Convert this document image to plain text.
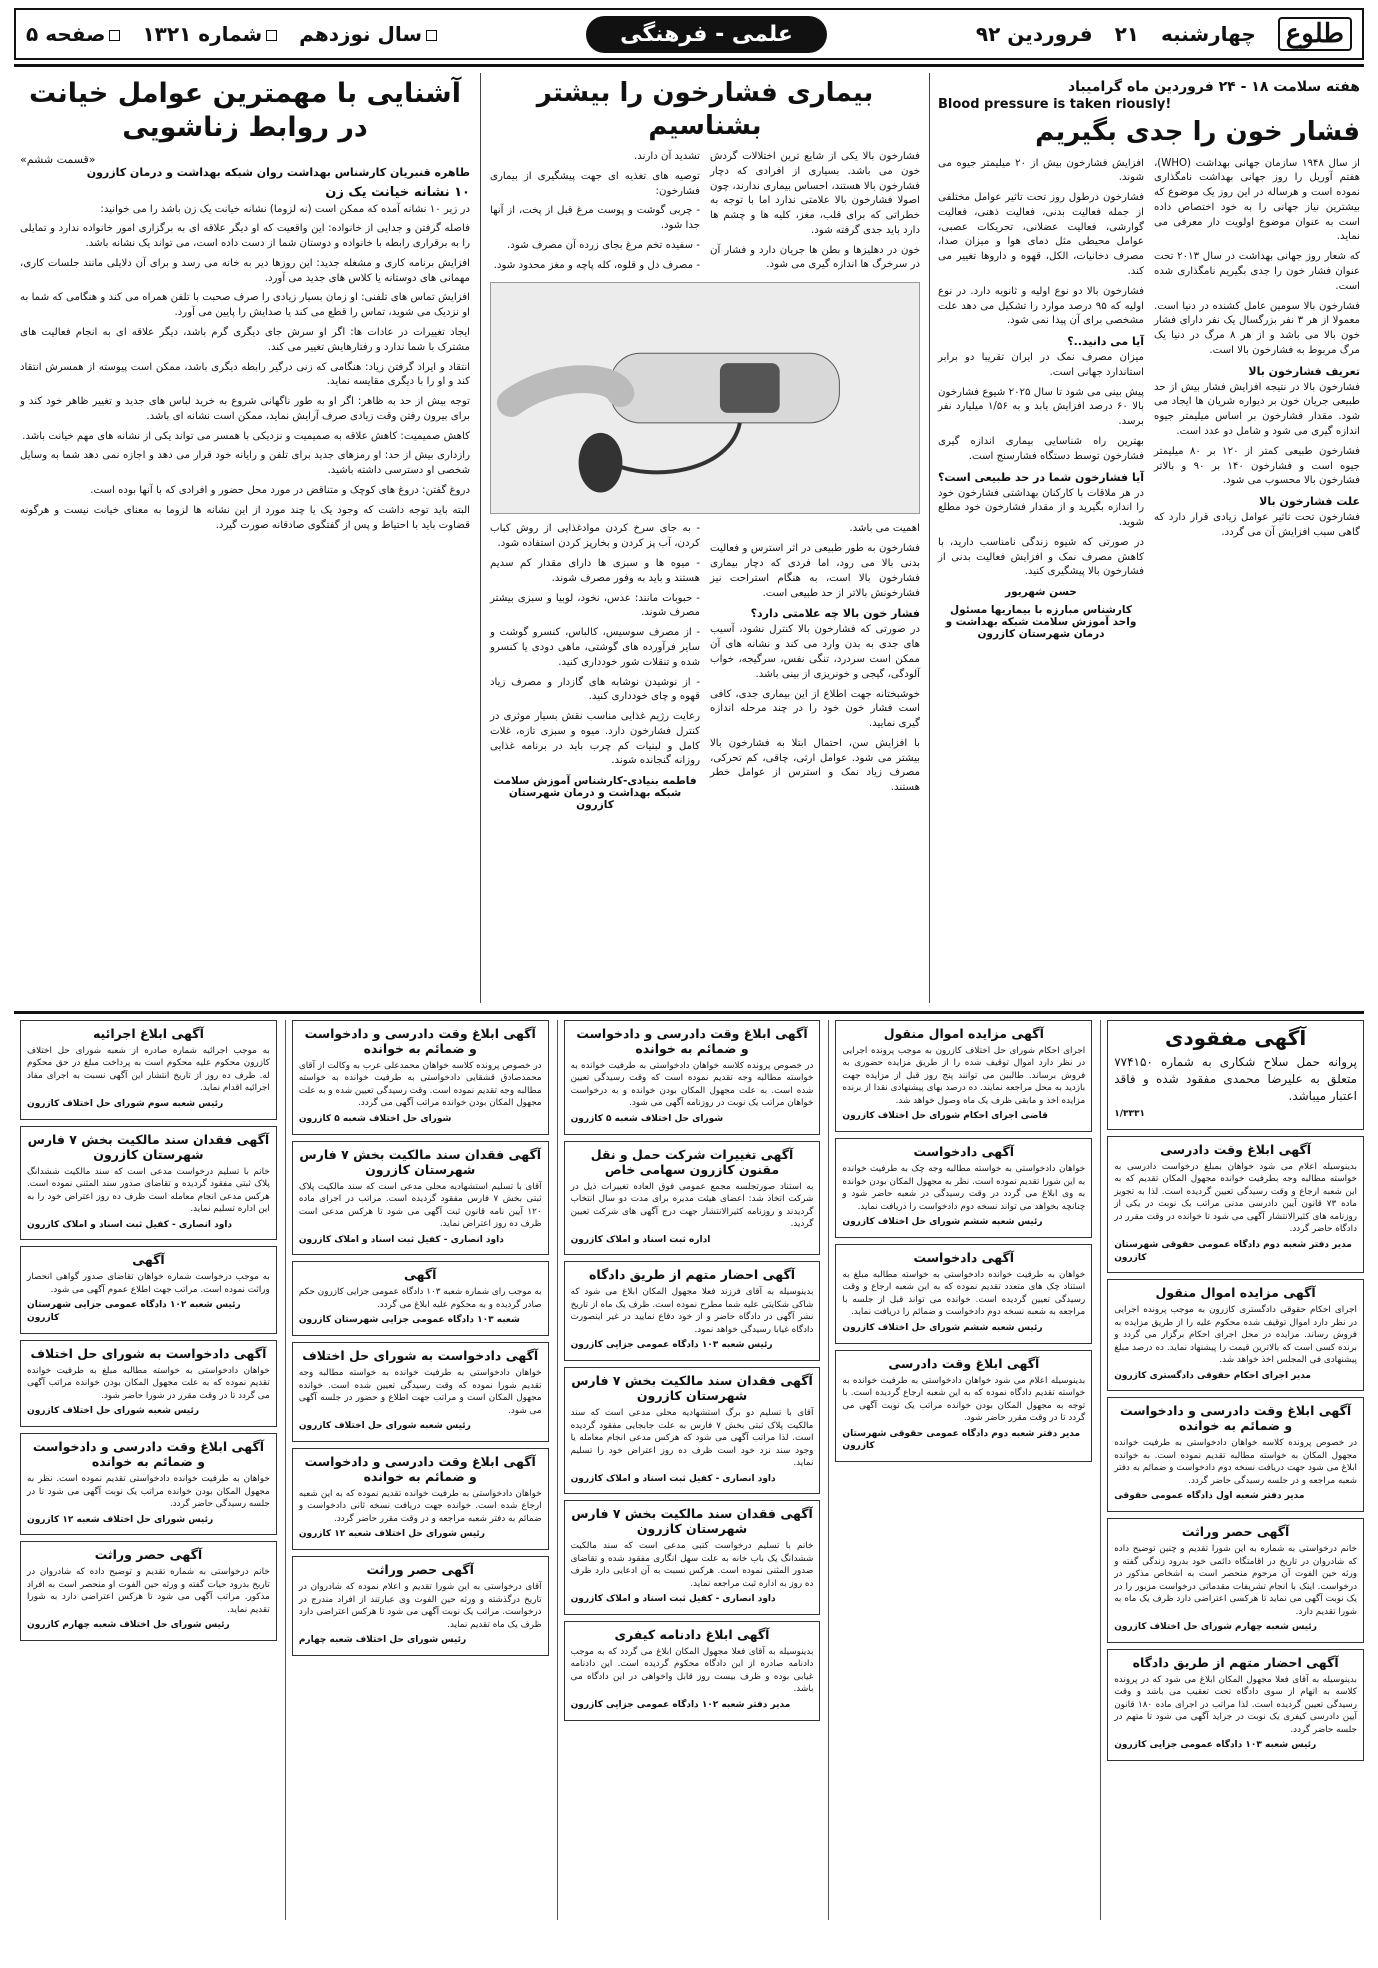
طلوع
چهارشنبه
۲۱
فروردین ۹۲
علمی - فرهنگی
سال نوزدهم
شماره ۱۳۲۱
صفحه ۵
هفته سلامت ۱۸ - ۲۴ فروردین ماه گرامیباد
Blood pressure is taken riously!
فشار خون را جدی بگیریم

از سال ۱۹۴۸ سازمان جهانی بهداشت (WHO)، هفتم آوریل را روز جهانی بهداشت نامگذاری نموده است و هرساله در این روز یک موضوع که بیشترین نیاز جهانی را به خود اختصاص داده است به عنوان موضوع اولویت دار معرفی می نماید.

که شعار روز جهانی بهداشت در سال ۲۰۱۳ تحت عنوان فشار خون را جدی بگیریم نامگذاری شده است.

فشارخون بالا سومین عامل کشنده در دنیا است. معمولا از هر ۳ نفر بزرگسال یک نفر دارای فشار خون بالا می باشد و از هر ۸ مرگ در دنیا یک مرگ مربوط به فشارخون بالا است.

تعریف فشارخون بالا

فشارخون بالا در نتیجه افزایش فشار بیش از حد طبیعی جریان خون بر دیواره شریان ها ایجاد می شود. مقدار فشارخون بر اساس میلیمتر جیوه اندازه گیری می شود و شامل دو عدد است.

فشارخون طبیعی کمتر از ۱۲۰ بر ۸۰ میلیمتر جیوه است و فشارخون ۱۴۰ بر ۹۰ و بالاتر فشارخون بالا محسوب می شود.

علت فشارخون بالا

فشارخون تحت تاثیر عوامل زیادی قرار دارد که گاهی سبب افزایش آن می گردد.

افزایش فشارخون بیش از ۲۰ میلیمتر جیوه می شوند.

فشارخون درطول روز تحت تاثیر عوامل مختلفی از جمله فعالیت بدنی، فعالیت ذهنی، فعالیت گوارشی، فعالیت عضلانی، تحریکات عصبی، عوامل محیطی مثل دمای هوا و میزان صدا، مصرف دخانیات، الکل، قهوه و داروها تغییر می کند.

فشارخون بالا دو نوع اولیه و ثانویه دارد. در نوع اولیه که ۹۵ درصد موارد را تشکیل می دهد علت مشخصی برای آن پیدا نمی شود.

آیا می دانید..؟

میزان مصرف نمک در ایران تقریبا دو برابر استاندارد جهانی است.

پیش بینی می شود تا سال ۲۰۲۵ شیوع فشارخون بالا ۶۰ درصد افزایش یابد و به ۱/۵۶ میلیارد نفر برسد.

بهترین راه شناسایی بیماری اندازه گیری فشارخون توسط دستگاه فشارسنج است.

آیا فشارخون شما در حد طبیعی است؟

در هر ملاقات با کارکنان بهداشتی فشارخون خود را اندازه بگیرید و از مقدار فشارخون خود مطلع شوید.

در صورتی که شیوه زندگی نامناسب دارید، با کاهش مصرف نمک و افزایش فعالیت بدنی از فشارخون بالا پیشگیری کنید.

حسن شهریور
کارشناس مبارزه با بیماریها مسئول واحد آموزش سلامت شبکه بهداشت و درمان شهرستان کازرون
بیماری فشارخون را بیشتر بشناسیم

فشارخون بالا یکی از شایع ترین اختلالات گردش خون می باشد. بسیاری از افرادی که دچار فشارخون بالا هستند، احساس بیماری ندارند، چون اصولا فشارخون بالا علامتی ندارد اما با توجه به خطراتی که برای قلب، مغز، کلیه ها و چشم ها دارد باید جدی گرفته شود.

خون در دهلیزها و بطن ها جریان دارد و فشار آن در سرخرگ ها اندازه گیری می شود.

تشدید آن دارند.

توصیه های تغذیه ای جهت پیشگیری از بیماری فشارخون:

- چربی گوشت و پوست مرغ قبل از پخت، از آنها جدا شود.

- سفیده تخم مرغ بجای زرده آن مصرف شود.

- مصرف دل و قلوه، کله پاچه و مغز محدود شود.

اهمیت می باشد.

فشارخون به طور طبیعی در اثر استرس و فعالیت بدنی بالا می رود، اما فردی که دچار بیماری فشارخون بالا است، به هنگام استراحت نیز فشارخونش بالاتر از حد طبیعی است.

فشار خون بالا چه علامتی دارد؟

در صورتی که فشارخون بالا کنترل نشود، آسیب های جدی به بدن وارد می کند و نشانه های آن ممکن است سردرد، تنگی نفس، سرگیجه، خواب آلودگی، گیجی و خونریزی از بینی باشد.

خوشبختانه جهت اطلاع از این بیماری جدی، کافی است فشار خون خود را در چند مرحله اندازه گیری نمایید.

با افزایش سن، احتمال ابتلا به فشارخون بالا بیشتر می شود. عوامل ارثی، چاقی، کم تحرکی، مصرف زیاد نمک و استرس از عوامل خطر هستند.

- به جای سرخ کردن موادغذایی از روش کباب کردن، آب پز کردن و بخارپز کردن استفاده شود.

- میوه ها و سبزی ها دارای مقدار کم سدیم هستند و باید به وفور مصرف شوند.

- حبوبات مانند: عدس، نخود، لوبیا و سبزی بیشتر مصرف شوند.

- از مصرف سوسیس، کالباس، کنسرو گوشت و سایر فرآورده های گوشتی، ماهی دودی یا کنسرو شده و تنقلات شور خودداری کنید.

- از نوشیدن نوشابه های گازدار و مصرف زیاد قهوه و چای خودداری کنید.

رعایت رژیم غذایی مناسب نقش بسیار موثری در کنترل فشارخون دارد. میوه و سبزی تازه، غلات کامل و لبنیات کم چرب باید در برنامه غذایی روزانه گنجانده شوند.

فاطمه بنیادی-کارشناس آموزش سلامت شبکه بهداشت و درمان شهرستان کازرون
آشنایی با مهمترین عوامل خیانت در روابط زناشویی
«قسمت ششم»
طاهره قنبریان کارشناس بهداشت روان شبکه بهداشت و درمان کازرون
۱۰ نشانه خیانت یک زن

در زیر ۱۰ نشانه آمده که ممکن است (نه لزوما) نشانه خیانت یک زن باشد را می خوانید:

فاصله گرفتن و جدایی از خانواده: این واقعیت که او دیگر علاقه ای به برگزاری امور خانواده ندارد و تمایلی را به برقراری رابطه با خانواده و دوستان شما از دست داده است، می تواند یک نشانه باشد.

افزایش برنامه کاری و مشغله جدید: این روزها دیر به خانه می رسد و برای آن دلایلی مانند جلسات کاری، مهمانی های دوستانه یا کلاس های جدید می آورد.

افزایش تماس های تلفنی: او زمان بسیار زیادی را صرف صحبت با تلفن همراه می کند و هنگامی که شما به او نزدیک می شوید، تماس را قطع می کند یا صدایش را پایین می آورد.

ایجاد تغییرات در عادات ها: اگر او سرش جای دیگری گرم باشد، دیگر علاقه ای به انجام فعالیت های مشترک با شما ندارد و رفتارهایش تغییر می کند.

انتقاد و ایراد گرفتن زیاد: هنگامی که زنی درگیر رابطه دیگری باشد، ممکن است پیوسته از همسرش انتقاد کند و او را با دیگری مقایسه نماید.

توجه بیش از حد به ظاهر: اگر او به طور ناگهانی شروع به خرید لباس های جدید و تغییر ظاهر خود کند و برای بیرون رفتن وقت زیادی صرف آرایش نماید، ممکن است نشانه ای باشد.

کاهش صمیمیت: کاهش علاقه به صمیمیت و نزدیکی با همسر می تواند یکی از نشانه های مهم خیانت باشد.

رازداری بیش از حد: او رمزهای جدید برای تلفن و رایانه خود قرار می دهد و اجازه نمی دهد شما به وسایل شخصی او دسترسی داشته باشید.

دروغ گفتن: دروغ های کوچک و متناقض در مورد محل حضور و افرادی که با آنها بوده است.

البته باید توجه داشت که وجود یک یا چند مورد از این نشانه ها لزوما به معنای خیانت نیست و هرگونه قضاوت باید با احتیاط و پس از گفتگوی صادقانه صورت گیرد.

آگهی مفقودی

پروانه حمل سلاح شکاری به شماره ۷۷۴۱۵۰ متعلق به علیرضا محمدی مفقود شده و فاقد اعتبار میباشد.

۱/۳۳۳۱

آگهی ابلاغ وقت دادرسی

بدینوسیله اعلام می شود خواهان بمبلغ درخواست دادرسی به خواسته مطالبه وجه بطرفیت خوانده مجهول المکان تقدیم که به این شعبه ارجاع و وقت رسیدگی تعیین گردیده است. لذا به تجویز ماده ۷۳ قانون آیین دادرسی مدنی مراتب یک نوبت در یکی از روزنامه های کثیرالانتشار آگهی می شود تا خوانده در وقت مقرر در دادگاه حاضر گردد.

مدیر دفتر شعبه دوم دادگاه عمومی حقوقی شهرستان کازرون

آگهی مزایده اموال منقول

اجرای احکام حقوقی دادگستری کازرون به موجب پرونده اجرایی در نظر دارد اموال توقیف شده محکوم علیه را از طریق مزایده به فروش رساند. مزایده در محل اجرای احکام برگزار می گردد و برنده کسی است که بالاترین قیمت را پیشنهاد نماید. ده درصد مبلغ پیشنهادی فی المجلس اخذ خواهد شد.

مدیر اجرای احکام حقوقی دادگستری کازرون

آگهی ابلاغ وقت دادرسی و دادخواست و ضمائم به خوانده

در خصوص پرونده کلاسه خواهان دادخواستی به طرفیت خوانده مجهول المکان به خواسته مطالبه تقدیم نموده است. به خوانده ابلاغ می شود جهت دریافت نسخه دوم دادخواست و ضمائم به دفتر شعبه مراجعه و در جلسه رسیدگی حاضر گردد.

مدیر دفتر شعبه اول دادگاه عمومی حقوقی

آگهی حصر وراثت

خانم درخواستی به شماره به این شورا تقدیم و چنین توضیح داده که شادروان در تاریخ در اقامتگاه دائمی خود بدرود زندگی گفته و ورثه حین الفوت آن مرحوم منحصر است به اشخاص مذکور در درخواست. اینک با انجام تشریفات مقدماتی درخواست مزبور را در یک نوبت آگهی می نماید تا هرکسی اعتراضی دارد ظرف یک ماه به شورا تقدیم دارد.

رئیس شعبه چهارم شورای حل اختلاف کازرون

آگهی احضار متهم از طریق دادگاه

بدینوسیله به آقای فعلا مجهول المکان ابلاغ می شود که در پرونده کلاسه به اتهام از سوی دادگاه تحت تعقیب می باشد و وقت رسیدگی تعیین گردیده است. لذا مراتب در اجرای ماده ۱۸۰ قانون آیین دادرسی کیفری یک نوبت در جراید آگهی می شود تا متهم در جلسه حاضر گردد.

رئیس شعبه ۱۰۳ دادگاه عمومی جزایی کازرون

آگهی مزایده اموال منقول

اجرای احکام شورای حل اختلاف کازرون به موجب پرونده اجرایی در نظر دارد اموال توقیف شده را از طریق مزایده حضوری به فروش برساند. طالبین می توانند پنج روز قبل از مزایده جهت بازدید به محل مراجعه نمایند. ده درصد بهای پیشنهادی نقدا از برنده مزایده اخذ و مابقی ظرف یک ماه وصول خواهد شد.

قاضی اجرای احکام شورای حل اختلاف کازرون

آگهی دادخواست

خواهان دادخواستی به خواسته مطالبه وجه چک به طرفیت خوانده به این شورا تقدیم نموده است. نظر به مجهول المکان بودن خوانده به وی ابلاغ می گردد در وقت رسیدگی در شعبه حاضر شود و چنانچه بخواهد می تواند نسخه دوم دادخواست را دریافت نماید.

رئیس شعبه ششم شورای حل اختلاف کازرون

آگهی دادخواست

خواهان به طرفیت خوانده دادخواستی به خواسته مطالبه مبلغ به استناد چک های متعدد تقدیم نموده که به این شعبه ارجاع و وقت رسیدگی تعیین گردیده است. خوانده می تواند قبل از جلسه با مراجعه به شعبه نسخه دوم دادخواست و ضمائم را دریافت نماید.

رئیس شعبه ششم شورای حل اختلاف کازرون

آگهی ابلاغ وقت دادرسی

بدینوسیله اعلام می شود خواهان دادخواستی به طرفیت خوانده به خواسته تقدیم دادگاه نموده که به این شعبه ارجاع گردیده است. با توجه به مجهول المکان بودن خوانده مراتب یک نوبت آگهی می گردد تا در وقت مقرر حاضر شود.

مدیر دفتر شعبه دوم دادگاه عمومی حقوقی شهرستان کازرون

آگهی ابلاغ وقت دادرسی و دادخواست و ضمائم به خوانده

در خصوص پرونده کلاسه خواهان دادخواستی به طرفیت خوانده به خواسته مطالبه وجه تقدیم نموده است که وقت رسیدگی تعیین شده است. به علت مجهول المکان بودن خوانده و به درخواست خواهان مراتب یک نوبت در روزنامه آگهی می شود.

شورای حل اختلاف شعبه ۵ کازرون

آگهی تغییرات شرکت حمل و نقل مقنون کازرون سهامی خاص

به استناد صورتجلسه مجمع عمومی فوق العاده تغییرات ذیل در شرکت اتخاذ شد: اعضای هیئت مدیره برای مدت دو سال انتخاب گردیدند و روزنامه کثیرالانتشار جهت درج آگهی های شرکت تعیین گردید.

اداره ثبت اسناد و املاک کازرون

آگهی احضار متهم از طریق دادگاه

بدینوسیله به آقای فرزند فعلا مجهول المکان ابلاغ می شود که شاکی شکایتی علیه شما مطرح نموده است. ظرف یک ماه از تاریخ نشر آگهی در دادگاه حاضر و از خود دفاع نمایید در غیر اینصورت دادگاه غیابا رسیدگی خواهد نمود.

رئیس شعبه ۱۰۳ دادگاه عمومی جزایی کازرون

آگهی فقدان سند مالکیت بخش ۷ فارس شهرستان کازرون

آقای با تسلیم دو برگ استشهادیه محلی مدعی است که سند مالکیت پلاک ثبتی بخش ۷ فارس به علت جابجایی مفقود گردیده است. لذا مراتب آگهی می شود که هرکس مدعی انجام معامله یا وجود سند نزد خود است ظرف ده روز اعتراض خود را تسلیم نماید.

داود انصاری - کفیل ثبت اسناد و املاک کازرون

آگهی فقدان سند مالکیت بخش ۷ فارس شهرستان کازرون

خانم با تسلیم درخواست کتبی مدعی است که سند مالکیت ششدانگ یک باب خانه به علت سهل انگاری مفقود شده و تقاضای صدور المثنی نموده است. هرکس نسبت به آن ادعایی دارد ظرف ده روز به اداره ثبت مراجعه نماید.

داود انصاری - کفیل ثبت اسناد و املاک کازرون

آگهی ابلاغ دادنامه کیفری

بدینوسیله به آقای فعلا مجهول المکان ابلاغ می گردد که به موجب دادنامه صادره از این دادگاه محکوم گردیده است. این دادنامه غیابی بوده و ظرف بیست روز قابل واخواهی در این دادگاه می باشد.

مدیر دفتر شعبه ۱۰۲ دادگاه عمومی جزایی کازرون

آگهی ابلاغ وقت دادرسی و دادخواست و ضمائم به خوانده

در خصوص پرونده کلاسه خواهان محمدعلی عرب به وکالت از آقای محمدصادق قشقایی دادخواستی به طرفیت خوانده به خواسته مطالبه وجه تقدیم نموده است. وقت رسیدگی تعیین شده و به علت مجهول المکان بودن خوانده مراتب آگهی می گردد.

شورای حل اختلاف شعبه ۵ کازرون

آگهی فقدان سند مالکیت بخش ۷ فارس شهرستان کازرون

آقای با تسلیم استشهادیه محلی مدعی است که سند مالکیت پلاک ثبتی بخش ۷ فارس مفقود گردیده است. مراتب در اجرای ماده ۱۲۰ آیین نامه قانون ثبت آگهی می شود تا هرکس مدعی است ظرف ده روز اعتراض نماید.

داود انصاری - کفیل ثبت اسناد و املاک کازرون

آگهی

به موجب رای شماره شعبه ۱۰۳ دادگاه عمومی جزایی کازرون حکم صادر گردیده و به محکوم علیه ابلاغ می گردد.

شعبه ۱۰۳ دادگاه عمومی جزایی شهرستان کازرون

آگهی دادخواست به شورای حل اختلاف

خواهان دادخواستی به طرفیت خوانده به خواسته مطالبه وجه تقدیم شورا نموده که وقت رسیدگی تعیین شده است. خوانده مجهول المکان است و مراتب جهت اطلاع و حضور در جلسه آگهی می شود.

رئیس شعبه شورای حل اختلاف کازرون

آگهی ابلاغ وقت دادرسی و دادخواست و ضمائم به خوانده

خواهان دادخواستی به طرفیت خوانده تقدیم نموده که به این شعبه ارجاع شده است. خوانده جهت دریافت نسخه ثانی دادخواست و ضمائم به دفتر شعبه مراجعه و در وقت مقرر حاضر گردد.

رئیس شورای حل اختلاف شعبه ۱۲ کازرون

آگهی حصر وراثت

آقای درخواستی به این شورا تقدیم و اعلام نموده که شادروان در تاریخ درگذشته و ورثه حین الفوت وی عبارتند از افراد مندرج در درخواست. مراتب یک نوبت آگهی می شود تا هرکس اعتراضی دارد ظرف یک ماه تقدیم نماید.

رئیس شورای حل اختلاف شعبه چهارم

آگهی ابلاغ اجرائیه

به موجب اجرائیه شماره صادره از شعبه شورای حل اختلاف کازرون محکوم علیه محکوم است به پرداخت مبلغ در حق محکوم له. ظرف ده روز از تاریخ انتشار این آگهی نسبت به اجرای مفاد اجرائیه اقدام نماید.

رئیس شعبه سوم شورای حل اختلاف کازرون

آگهی فقدان سند مالکیت بخش ۷ فارس شهرستان کازرون

خانم با تسلیم درخواست مدعی است که سند مالکیت ششدانگ پلاک ثبتی مفقود گردیده و تقاضای صدور سند المثنی نموده است. هرکس مدعی انجام معامله است ظرف ده روز اعتراض خود را به این اداره تسلیم نماید.

داود انصاری - کفیل ثبت اسناد و املاک کازرون

آگهی

به موجب درخواست شماره خواهان تقاضای صدور گواهی انحصار وراثت نموده است. مراتب جهت اطلاع عموم آگهی می شود.

رئیس شعبه ۱۰۲ دادگاه عمومی جزایی شهرستان کازرون

آگهی دادخواست به شورای حل اختلاف

خواهان دادخواستی به خواسته مطالبه مبلغ به طرفیت خوانده تقدیم نموده که به علت مجهول المکان بودن خوانده مراتب آگهی می گردد تا در وقت مقرر در شورا حاضر شود.

رئیس شعبه شورای حل اختلاف کازرون

آگهی ابلاغ وقت دادرسی و دادخواست و ضمائم به خوانده

خواهان به طرفیت خوانده دادخواستی تقدیم نموده است. نظر به مجهول المکان بودن خوانده مراتب یک نوبت آگهی می شود تا در جلسه رسیدگی حاضر گردد.

رئیس شورای حل اختلاف شعبه ۱۲ کازرون

آگهی حصر وراثت

خانم درخواستی به شماره تقدیم و توضیح داده که شادروان در تاریخ بدرود حیات گفته و ورثه حین الفوت او منحصر است به افراد مذکور. مراتب آگهی می شود تا هرکس اعتراضی دارد به شورا تقدیم نماید.

رئیس شورای حل اختلاف شعبه چهارم کازرون
